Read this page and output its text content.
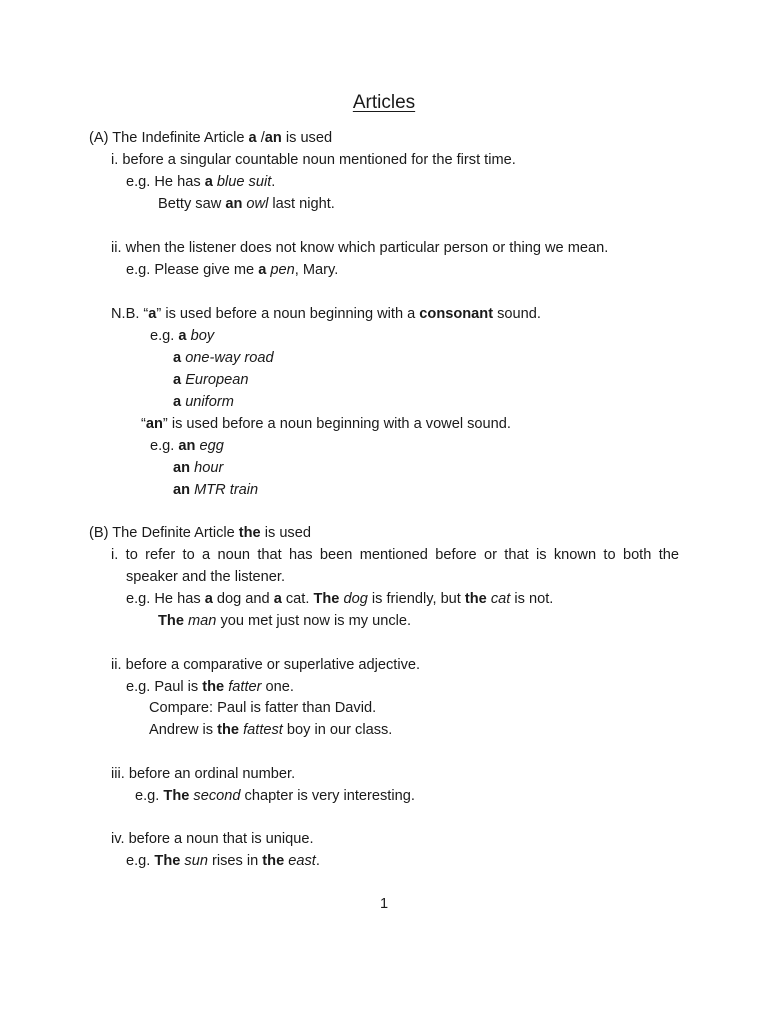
Articles
(A) The Indefinite Article a /an is used
i. before a singular countable noun mentioned for the first time.
e.g. He has a blue suit.
Betty saw an owl last night.
ii. when the listener does not know which particular person or thing we mean.
e.g. Please give me a pen, Mary.
N.B. “a” is used before a noun beginning with a consonant sound.
e.g. a boy
a one-way road
a European
a uniform
“an” is used before a noun beginning with a vowel sound.
e.g. an egg
an hour
an MTR train
(B) The Definite Article the is used
i. to refer to a noun that has been mentioned before or that is known to both the
speaker and the listener.
e.g. He has a dog and a cat. The dog is friendly, but the cat is not.
The man you met just now is my uncle.
ii. before a comparative or superlative adjective.
e.g. Paul is the fatter one.
Compare: Paul is fatter than David.
Andrew is the fattest boy in our class.
iii. before an ordinal number.
e.g. The second chapter is very interesting.
iv. before a noun that is unique.
e.g. The sun rises in the east.
1
